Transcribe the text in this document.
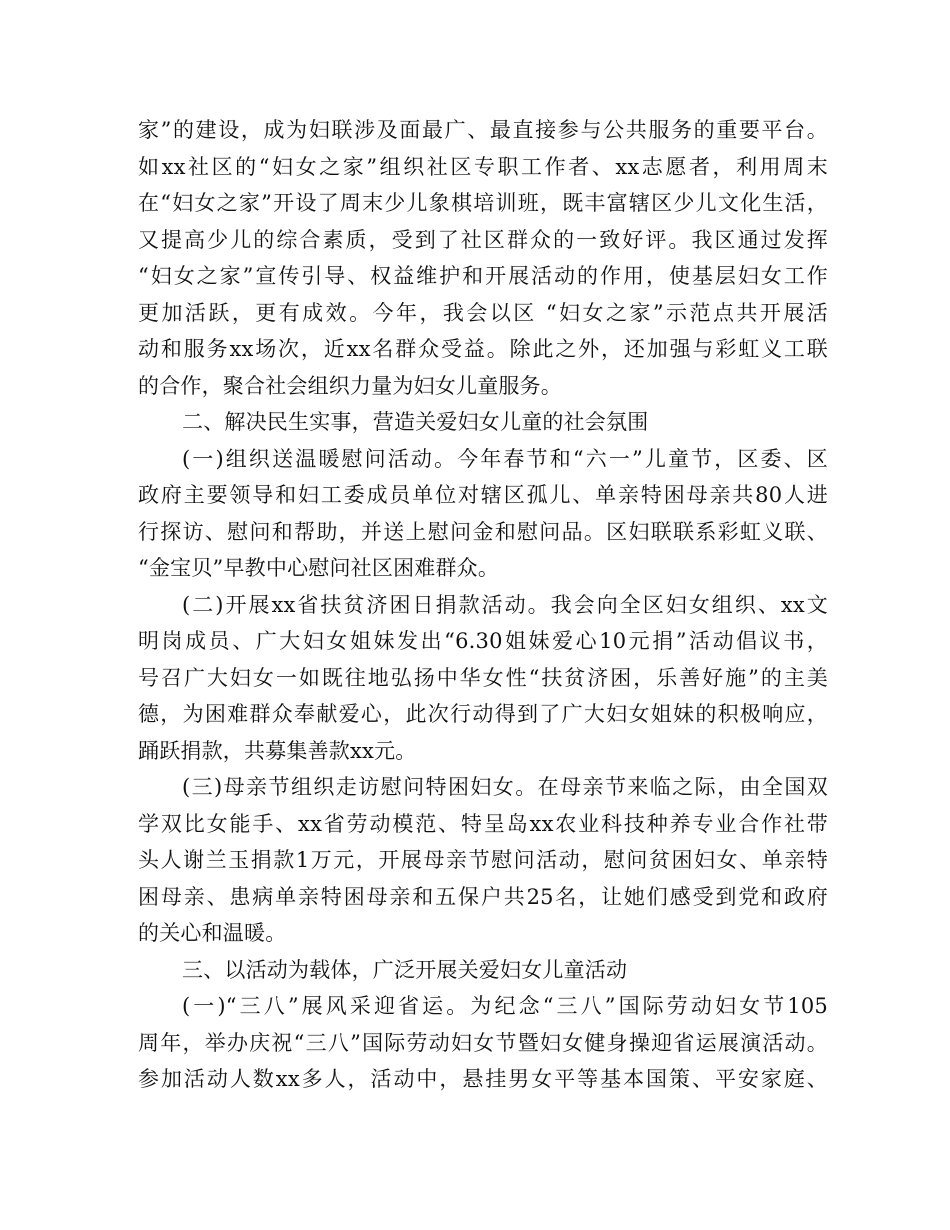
家”的建设，成为妇联涉及面最广、最直接参与公共服务的重要平台。
如xx社区的“妇女之家”组织社区专职工作者、xx志愿者，利用周末
在“妇女之家”开设了周末少儿象棋培训班，既丰富辖区少儿文化生活，
又提高少儿的综合素质，受到了社区群众的一致好评。我区通过发挥
“妇女之家”宣传引导、权益维护和开展活动的作用，使基层妇女工作
更加活跃，更有成效。今年，我会以区 “妇女之家”示范点共开展活
动和服务xx场次，近xx名群众受益。除此之外，还加强与彩虹义工联
的合作，聚合社会组织力量为妇女儿童服务。
二、解决民生实事，营造关爱妇女儿童的社会氛围
(一)组织送温暖慰问活动。今年春节和“六一”儿童节，区委、区
政府主要领导和妇工委成员单位对辖区孤儿、单亲特困母亲共80人进
行探访、慰问和帮助，并送上慰问金和慰问品。区妇联联系彩虹义联、
“金宝贝”早教中心慰问社区困难群众。
(二)开展xx省扶贫济困日捐款活动。我会向全区妇女组织、xx文
明岗成员、广大妇女姐妹发出“6.30姐妹爱心10元捐”活动倡议书，
号召广大妇女一如既往地弘扬中华女性“扶贫济困，乐善好施”的主美
德，为困难群众奉献爱心，此次行动得到了广大妇女姐妹的积极响应，
踊跃捐款，共募集善款xx元。
(三)母亲节组织走访慰问特困妇女。在母亲节来临之际，由全国双
学双比女能手、xx省劳动模范、特呈岛xx农业科技种养专业合作社带
头人谢兰玉捐款1万元，开展母亲节慰问活动，慰问贫困妇女、单亲特
困母亲、患病单亲特困母亲和五保户共25名，让她们感受到党和政府
的关心和温暖。
三、以活动为载体，广泛开展关爱妇女儿童活动
(一)“三八”展风采迎省运。为纪念“三八”国际劳动妇女节105
周年，举办庆祝“三八”国际劳动妇女节暨妇女健身操迎省运展演活动。
参加活动人数xx多人，活动中，悬挂男女平等基本国策、平安家庭、
